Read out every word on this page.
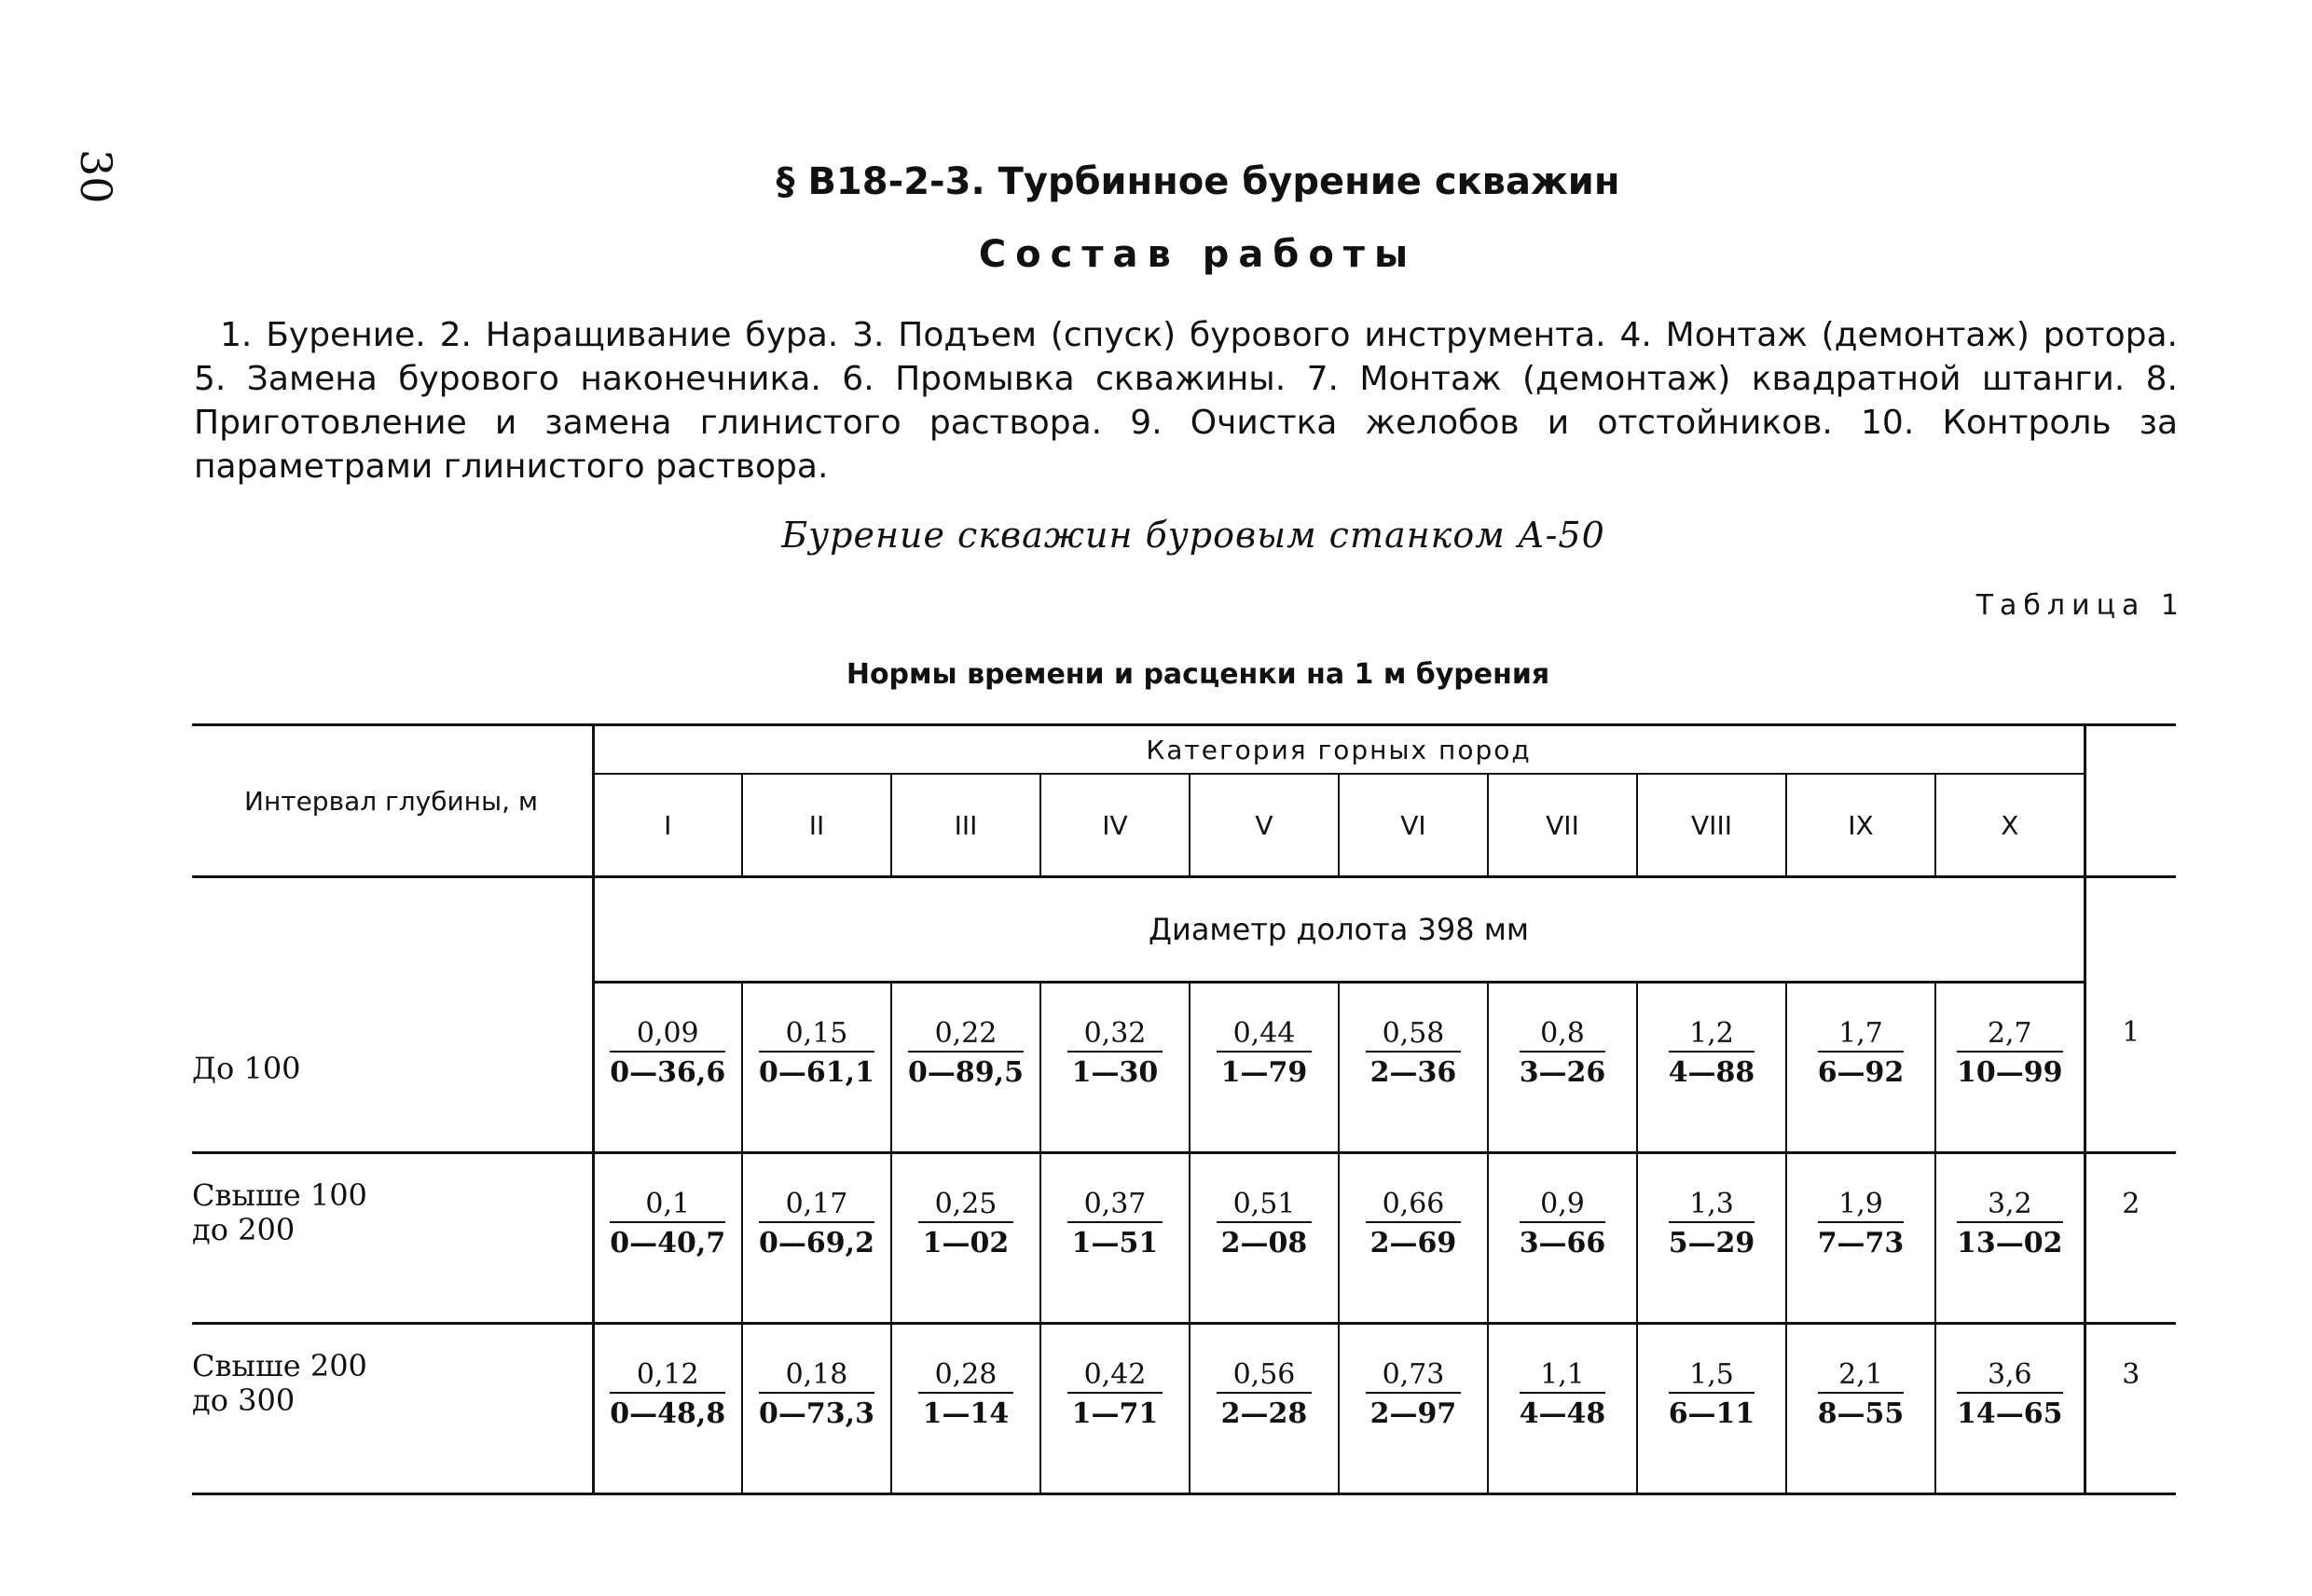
30	§ В18-2-3. Турбинное бурение скважин
Состав работы
1. Бурение. 2. Наращивание бура. 3. Подъем (спуск) бурового инструмента. 4. Монтаж (демонтаж) ротора. 5. Замена бурового наконечника. 6. Промывка скважины. 7. Монтаж (демонтаж) квадратной штанги. 8. Приготовление и замена глинистого раствора. 9. Очистка желобов и отстойников. 10. Контроль за параметрами глинистого раствора.
Бурение скважин буровым станком А-50
Таблица 1
Нормы времени и расценки на 1 м бурения
Интервал глубины, м	Категория горных пород										
	I	II	III	IV	V	VI	VII	VIII	IX	X	
До 100	Диаметр долота 398 мм										

	$\frac{0,09}{0—36,6}$	$\frac{0,15}{0—61,1}$	$\frac{0,22}{0—89,5}$	$\frac{0,32}{1—30}$	$\frac{0,44}{1—79}$	$\frac{0,58}{2—36}$	$\frac{0,8}{3—26}$	$\frac{1,2}{4—88}$	$\frac{1,7}{6—92}$	$\frac{2,7}{10—99}$	1
Свыше 100
до 200	$\frac{0,1}{0—40,7}$	$\frac{0,17}{0—69,2}$	$\frac{0,25}{1—02}$	$\frac{0,37}{1—51}$	$\frac{0,51}{2—08}$	$\frac{0,66}{2—69}$	$\frac{0,9}{3—66}$	$\frac{1,3}{5—29}$	$\frac{1,9}{7—73}$	$\frac{3,2}{13—02}$	2
Свыше 200
до 300	$\frac{0,12}{0—48,8}$	$\frac{0,18}{0—73,3}$	$\frac{0,28}{1—14}$	$\frac{0,42}{1—71}$	$\frac{0,56}{2—28}$	$\frac{0,73}{2—97}$	$\frac{1,1}{4—48}$	$\frac{1,5}{6—11}$	$\frac{2,1}{8—55}$	$\frac{3,6}{14—65}$	3
